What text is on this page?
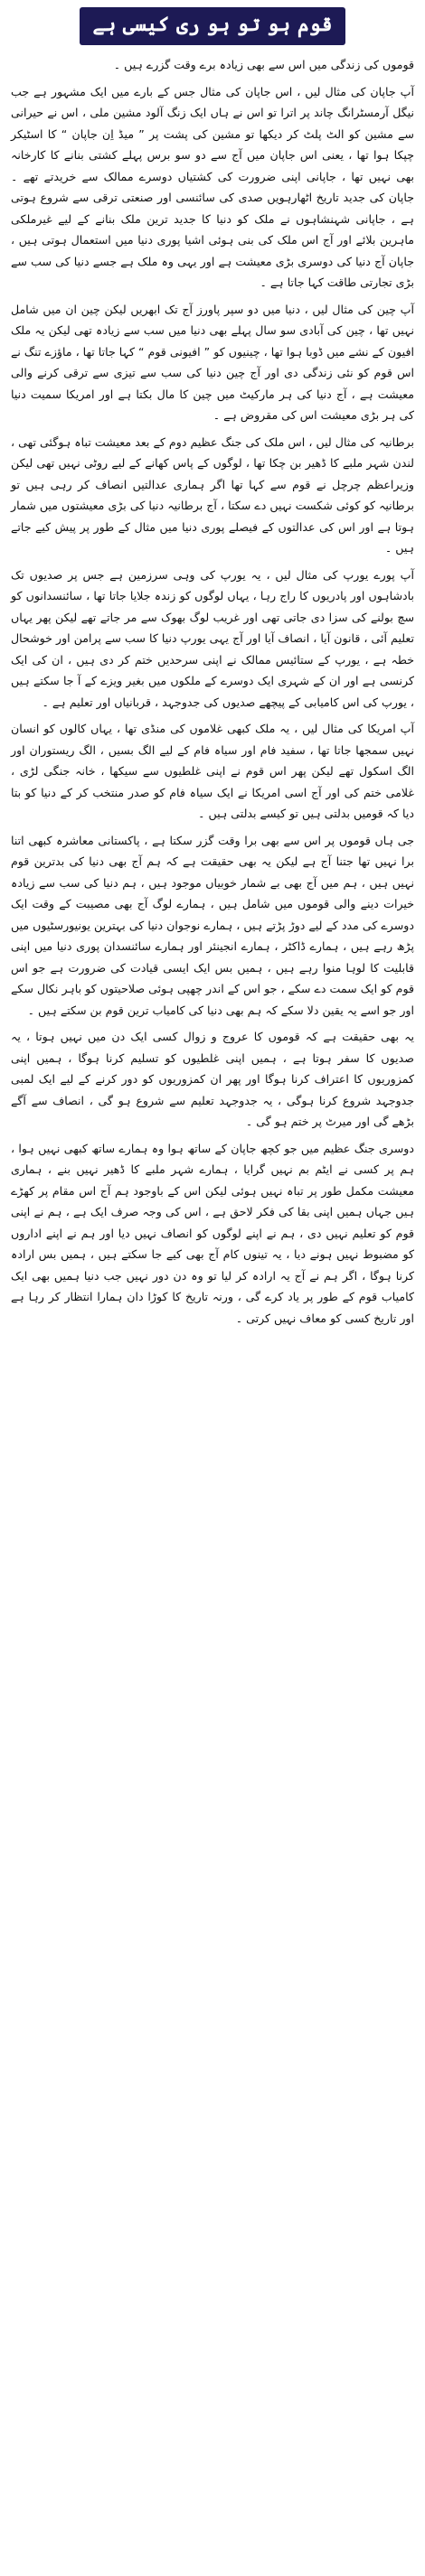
قوم ہو تو ہو ری کیسی ہے

قوموں کی زندگی میں اس سے بھی زیادہ برے وقت گزرے ہیں ۔

آپ جاپان کی مثال لیں ، اس جاپان کی مثال جس کے بارے میں ایک مشہور ہے جب نیگل آرمسٹرانگ چاند پر اترا تو اس نے ہاں ایک زنگ آلود مشین ملی ، اس نے حیرانی سے مشین کو الٹ پلٹ کر دیکھا تو مشین کی پشت پر ” میڈ اِن جاپان “ کا اسٹیکر چپکا ہوا تھا ، یعنی اس جاپان میں آج سے دو سو برس پہلے کشتی بنانے کا کارخانہ بھی نہیں تھا ، جاپانی اپنی ضرورت کی کشتیاں دوسرے ممالک سے خریدتے تھے ۔ جاپان کی جدید تاریخ اٹھارہویں صدی کی سائنسی اور صنعتی ترقی سے شروع ہوتی ہے ، جاپانی شہنشاہوں نے ملک کو دنیا کا جدید ترین ملک بنانے کے لیے غیرملکی ماہرین بلائے اور آج اس ملک کی بنی ہوئی اشیا پوری دنیا میں استعمال ہوتی ہیں ، جاپان آج دنیا کی دوسری بڑی معیشت ہے اور یہی وہ ملک ہے جسے دنیا کی سب سے بڑی تجارتی طاقت کہا جاتا ہے ۔

آپ چین کی مثال لیں ، دنیا میں دو سپر پاورز آج تک ابھریں لیکن چین ان میں شامل نہیں تھا ، چین کی آبادی سو سال پہلے بھی دنیا میں سب سے زیادہ تھی لیکن یہ ملک افیون کے نشے میں ڈوبا ہوا تھا ، چینیوں کو ” افیونی قوم “ کہا جاتا تھا ، ماؤزے تنگ نے اس قوم کو نئی زندگی دی اور آج چین دنیا کی سب سے تیزی سے ترقی کرنے والی معیشت ہے ، آج دنیا کی ہر مارکیٹ میں چین کا مال بکتا ہے اور امریکا سمیت دنیا کی ہر بڑی معیشت اس کی مقروض ہے ۔

برطانیہ کی مثال لیں ، اس ملک کی جنگ عظیم دوم کے بعد معیشت تباہ ہوگئی تھی ، لندن شہر ملبے کا ڈھیر بن چکا تھا ، لوگوں کے پاس کھانے کے لیے روٹی نہیں تھی لیکن وزیراعظم چرچل نے قوم سے کہا تھا اگر ہماری عدالتیں انصاف کر رہی ہیں تو برطانیہ کو کوئی شکست نہیں دے سکتا ، آج برطانیہ دنیا کی بڑی معیشتوں میں شمار ہوتا ہے اور اس کی عدالتوں کے فیصلے پوری دنیا میں مثال کے طور پر پیش کیے جاتے ہیں ۔

آپ پورے یورپ کی مثال لیں ، یہ یورپ کی وہی سرزمین ہے جس پر صدیوں تک بادشاہوں اور پادریوں کا راج رہا ، یہاں لوگوں کو زندہ جلایا جاتا تھا ، سائنسدانوں کو سچ بولنے کی سزا دی جاتی تھی اور غریب لوگ بھوک سے مر جاتے تھے لیکن پھر یہاں تعلیم آئی ، قانون آیا ، انصاف آیا اور آج یہی یورپ دنیا کا سب سے پرامن اور خوشحال خطہ ہے ، یورپ کے ستائیس ممالک نے اپنی سرحدیں ختم کر دی ہیں ، ان کی ایک کرنسی ہے اور ان کے شہری ایک دوسرے کے ملکوں میں بغیر ویزے کے آ جا سکتے ہیں ، یورپ کی اس کامیابی کے پیچھے صدیوں کی جدوجہد ، قربانیاں اور تعلیم ہے ۔

آپ امریکا کی مثال لیں ، یہ ملک کبھی غلاموں کی منڈی تھا ، یہاں کالوں کو انسان نہیں سمجھا جاتا تھا ، سفید فام اور سیاہ فام کے لیے الگ بسیں ، الگ ریستوران اور الگ اسکول تھے لیکن پھر اس قوم نے اپنی غلطیوں سے سیکھا ، خانہ جنگی لڑی ، غلامی ختم کی اور آج اسی امریکا نے ایک سیاہ فام کو صدر منتخب کر کے دنیا کو بتا دیا کہ قومیں بدلتی ہیں تو کیسے بدلتی ہیں ۔

جی ہاں قوموں پر اس سے بھی برا وقت گزر سکتا ہے ، پاکستانی معاشرہ کبھی اتنا برا نہیں تھا جتنا آج ہے لیکن یہ بھی حقیقت ہے کہ ہم آج بھی دنیا کی بدترین قوم نہیں ہیں ، ہم میں آج بھی بے شمار خوبیاں موجود ہیں ، ہم دنیا کی سب سے زیادہ خیرات دینے والی قوموں میں شامل ہیں ، ہمارے لوگ آج بھی مصیبت کے وقت ایک دوسرے کی مدد کے لیے دوڑ پڑتے ہیں ، ہمارے نوجوان دنیا کی بہترین یونیورسٹیوں میں پڑھ رہے ہیں ، ہمارے ڈاکٹر ، ہمارے انجینئر اور ہمارے سائنسدان پوری دنیا میں اپنی قابلیت کا لوہا منوا رہے ہیں ، ہمیں بس ایک ایسی قیادت کی ضرورت ہے جو اس قوم کو ایک سمت دے سکے ، جو اس کے اندر چھپی ہوئی صلاحیتوں کو باہر نکال سکے اور جو اسے یہ یقین دلا سکے کہ ہم بھی دنیا کی کامیاب ترین قوم بن سکتے ہیں ۔

یہ بھی حقیقت ہے کہ قوموں کا عروج و زوال کسی ایک دن میں نہیں ہوتا ، یہ صدیوں کا سفر ہوتا ہے ، ہمیں اپنی غلطیوں کو تسلیم کرنا ہوگا ، ہمیں اپنی کمزوریوں کا اعتراف کرنا ہوگا اور پھر ان کمزوریوں کو دور کرنے کے لیے ایک لمبی جدوجہد شروع کرنا ہوگی ، یہ جدوجہد تعلیم سے شروع ہو گی ، انصاف سے آگے بڑھے گی اور میرٹ پر ختم ہو گی ۔

دوسری جنگ عظیم میں جو کچھ جاپان کے ساتھ ہوا وہ ہمارے ساتھ کبھی نہیں ہوا ، ہم پر کسی نے ایٹم بم نہیں گرایا ، ہمارے شہر ملبے کا ڈھیر نہیں بنے ، ہماری معیشت مکمل طور پر تباہ نہیں ہوئی لیکن اس کے باوجود ہم آج اس مقام پر کھڑے ہیں جہاں ہمیں اپنی بقا کی فکر لاحق ہے ، اس کی وجہ صرف ایک ہے ، ہم نے اپنی قوم کو تعلیم نہیں دی ، ہم نے اپنے لوگوں کو انصاف نہیں دیا اور ہم نے اپنے اداروں کو مضبوط نہیں ہونے دیا ، یہ تینوں کام آج بھی کیے جا سکتے ہیں ، ہمیں بس ارادہ کرنا ہوگا ، اگر ہم نے آج یہ ارادہ کر لیا تو وہ دن دور نہیں جب دنیا ہمیں بھی ایک کامیاب قوم کے طور پر یاد کرے گی ، ورنہ تاریخ کا کوڑا دان ہمارا انتظار کر رہا ہے اور تاریخ کسی کو معاف نہیں کرتی ۔
